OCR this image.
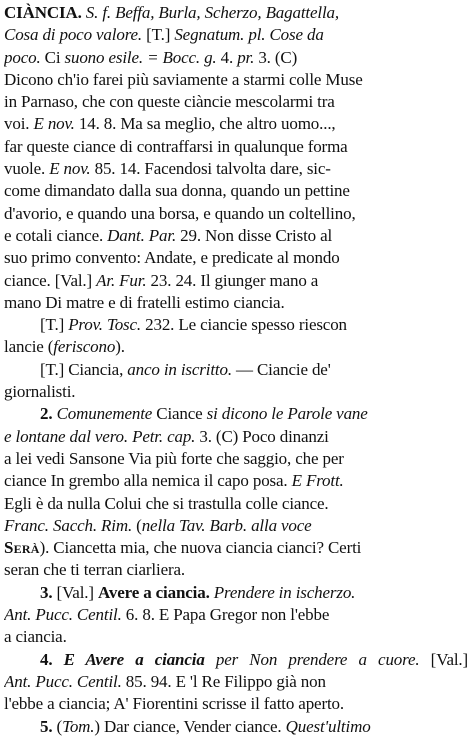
CIÀNCIA. S. f. Beffa, Burla, Scherzo, Bagattella,
Cosa di poco valore. [T.] Segnatum. pl. Cose da
poco. Ci suono esile. = Bocc. g. 4. pr. 3. (C)
Dicono ch'io farei più saviamente a starmi colle Muse
in Parnaso, che con queste ciàncie mescolarmi tra
voi. E nov. 14. 8. Ma sa meglio, che altro uomo...,
far queste ciance di contraffarsi in qualunque forma
vuole. E nov. 85. 14. Facendosi talvolta dare, sic-
come dimandato dalla sua donna, quando un pettine
d'avorio, e quando una borsa, e quando un coltellino,
e cotali ciance. Dant. Par. 29. Non disse Cristo al
suo primo convento: Andate, e predicate al mondo
ciance. [Val.] Ar. Fur. 23. 24. Il giunger mano a
mano Di matre e di fratelli estimo ciancia.
[T.] Prov. Tosc. 232. Le ciancie spesso riescon
lancie (feriscono).
[T.] Ciancia, anco in iscritto. — Ciancie de'
giornalisti.
2. Comunemente Ciance si dicono le Parole vane
e lontane dal vero. Petr. cap. 3. (C) Poco dinanzi
a lei vedi Sansone Via più forte che saggio, che per
ciance In grembo alla nemica il capo posa. E Frott.
Egli è da nulla Colui che si trastulla colle ciance.
Franc. Sacch. Rim. (nella Tav. Barb. alla voce
Serà). Ciancetta mia, che nuova ciancia cianci? Certi
seran che ti terran ciarliera.
3. [Val.] Avere a ciancia. Prendere in ischerzo.
Ant. Pucc. Centil. 6. 8. E Papa Gregor non l'ebbe
a ciancia.
4. E Avere a ciancia per Non prendere a cuore. [Val.]
Ant. Pucc. Centil. 85. 94. E 'l Re Filippo già non
l'ebbe a ciancia; A' Fiorentini scrisse il fatto aperto.
5. (Tom.) Dar ciance, Vender ciance. Quest'ultimo
